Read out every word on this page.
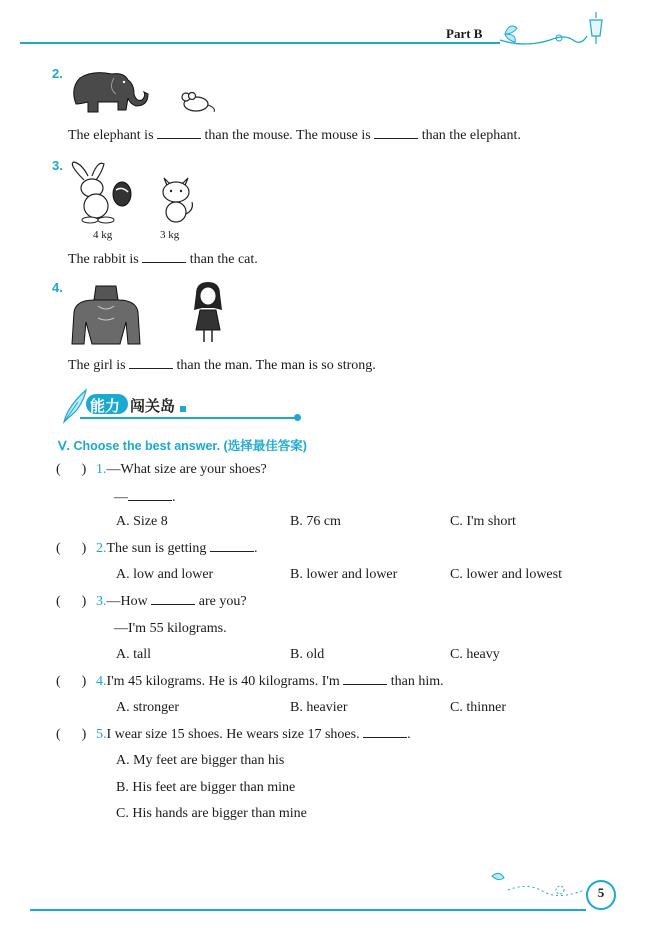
Part B
2.
The elephant is	than the mouse. The mouse is	than the elephant.
3.
4 kg	3 kg
The rabbit is	than the cat.
4.
The girl is	than the man. The man is so strong.
能力 闯关岛
Ⅴ. Choose the best answer. (选择最佳答案)
(      ) 1.—What size are your shoes?
—	.
A. Size 8	B. 76 cm	C. I'm short
(      ) 2.The sun is getting	.
A. low and lower	B. lower and lower	C. lower and lowest
(      ) 3.—How	are you?
—I'm 55 kilograms.
A. tall	B. old	C. heavy
(      ) 4.I'm 45 kilograms. He is 40 kilograms. I'm	than him.
A. stronger	B. heavier	C. thinner
(      ) 5.I wear size 15 shoes. He wears size 17 shoes.	.
A. My feet are bigger than his
B. His feet are bigger than mine
C. His hands are bigger than mine
5
